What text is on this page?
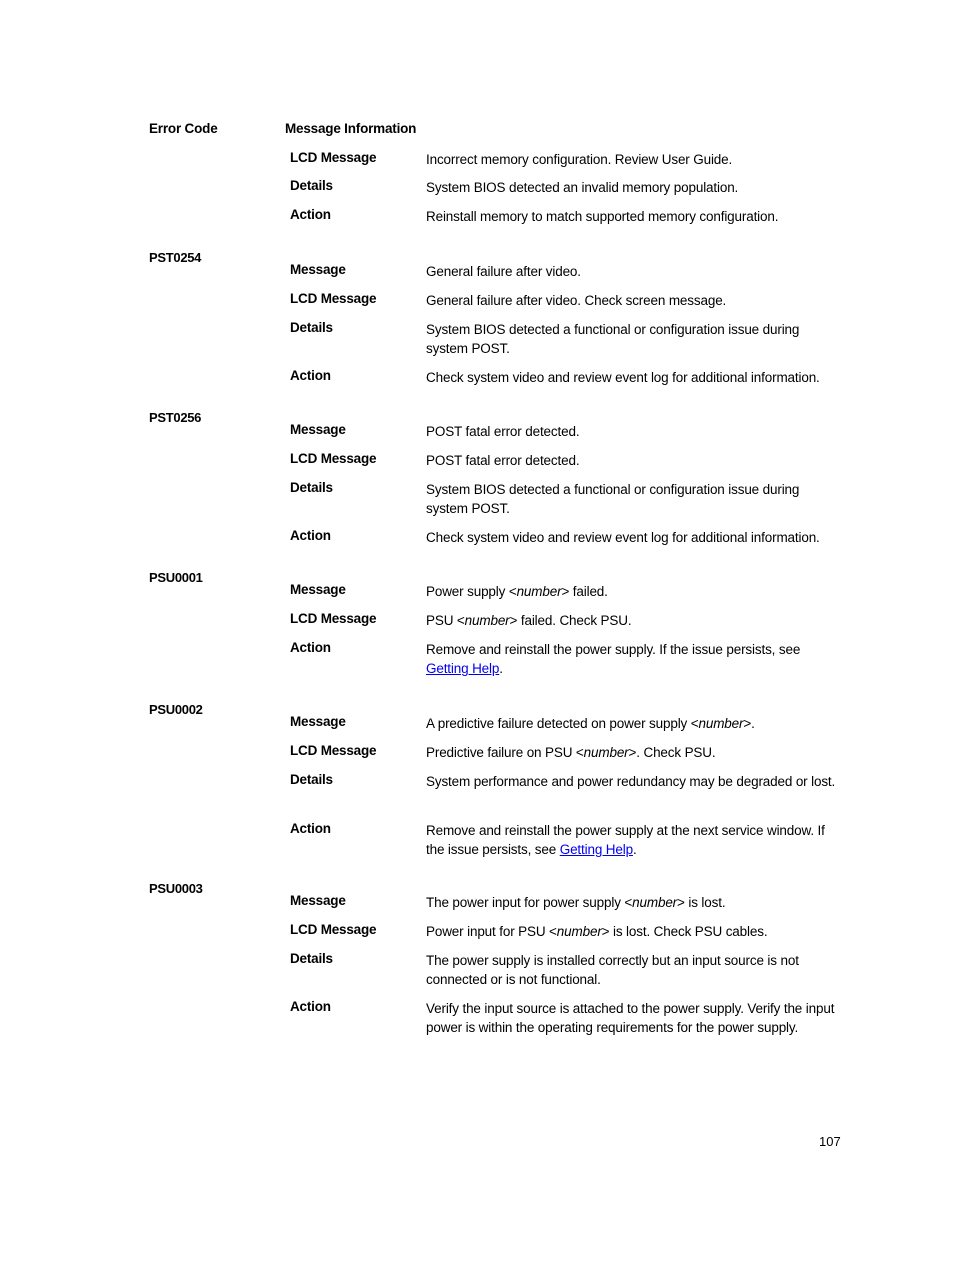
Error Code	Message Information
LCD Message	Incorrect memory configuration. Review User Guide.
Details	System BIOS detected an invalid memory population.
Action	Reinstall memory to match supported memory configuration.
PST0254
Message	General failure after video.
LCD Message	General failure after video. Check screen message.
Details	System BIOS detected a functional or configuration issue during system POST.
Action	Check system video and review event log for additional information.
PST0256
Message	POST fatal error detected.
LCD Message	POST fatal error detected.
Details	System BIOS detected a functional or configuration issue during system POST.
Action	Check system video and review event log for additional information.
PSU0001
Message	Power supply <number> failed.
LCD Message	PSU <number> failed. Check PSU.
Action	Remove and reinstall the power supply. If the issue persists, see Getting Help.
PSU0002
Message	A predictive failure detected on power supply <number>.
LCD Message	Predictive failure on PSU <number>. Check PSU.
Details	System performance and power redundancy may be degraded or lost.
Action	Remove and reinstall the power supply at the next service window. If the issue persists, see Getting Help.
PSU0003
Message	The power input for power supply <number> is lost.
LCD Message	Power input for PSU <number> is lost. Check PSU cables.
Details	The power supply is installed correctly but an input source is not connected or is not functional.
Action	Verify the input source is attached to the power supply. Verify the input power is within the operating requirements for the power supply.
107
